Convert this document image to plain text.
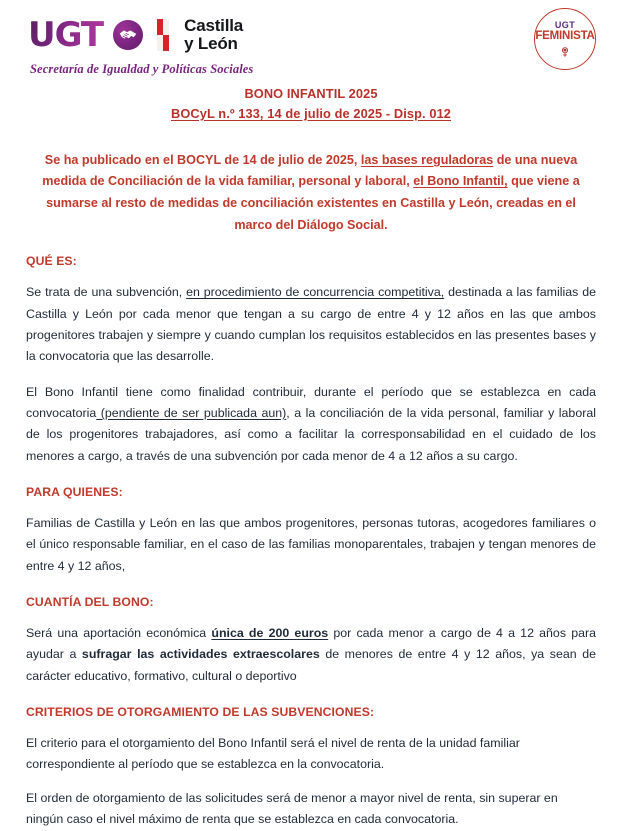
UGT	Castilla
y León
Secretaría de Igualdad y Políticas Sociales
UGT
FEMINISTA
BONO INFANTIL 2025
BOCyL n.º 133, 14 de julio de 2025 - Disp. 012

Se ha publicado en el BOCYL de 14 de julio de 2025, las bases reguladoras de una nueva medida de Conciliación de la vida familiar, personal y laboral, el Bono Infantil, que viene a sumarse al resto de medidas de conciliación existentes en Castilla y León, creadas en el marco del Diálogo Social.

QUÉ ES:

Se trata de una subvención, en procedimiento de concurrencia competitiva, destinada a las familias de Castilla y León por cada menor que tengan a su cargo de entre 4 y 12 años en las que ambos progenitores trabajen y siempre y cuando cumplan los requisitos establecidos en las presentes bases y la convocatoria que las desarrolle.

El Bono Infantil tiene como finalidad contribuir, durante el período que se establezca en cada convocatoria (pendiente de ser publicada aun), a la conciliación de la vida personal, familiar y laboral de los progenitores trabajadores, así como a facilitar la corresponsabilidad en el cuidado de los menores a cargo, a través de una subvención por cada menor de 4 a 12 años a su cargo.

PARA QUIENES:

Familias de Castilla y León en las que ambos progenitores, personas tutoras, acogedores familiares o el único responsable familiar, en el caso de las familias monoparentales, trabajen y tengan menores de entre 4 y 12 años,

CUANTÍA DEL BONO:

Será una aportación económica única de 200 euros por cada menor a cargo de 4 a 12 años para ayudar a sufragar las actividades extraescolares de menores de entre 4 y 12 años, ya sean de carácter educativo, formativo, cultural o deportivo

CRITERIOS DE OTORGAMIENTO DE LAS SUBVENCIONES:

El criterio para el otorgamiento del Bono Infantil será el nivel de renta de la unidad familiar correspondiente al período que se establezca en la convocatoria.

El orden de otorgamiento de las solicitudes será de menor a mayor nivel de renta, sin superar en ningún caso el nivel máximo de renta que se establezca en cada convocatoria.
